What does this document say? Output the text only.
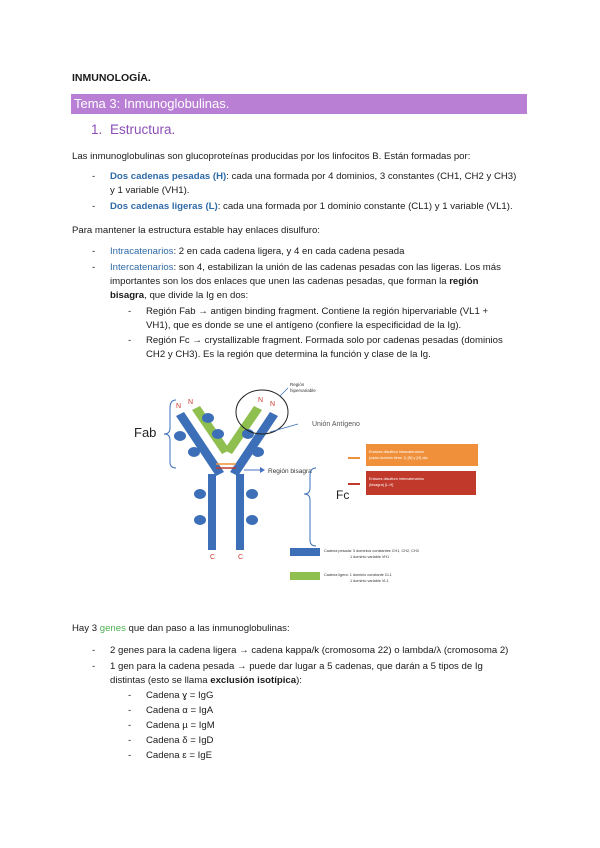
INMUNOLOGÍA.
Tema 3: Inmunoglobulinas.
1. Estructura.
Las inmunoglobulinas son glucoproteínas producidas por los linfocitos B. Están formadas por:
- Dos cadenas pesadas (H): cada una formada por 4 dominios, 3 constantes (CH1, CH2 y CH3)
y 1 variable (VH1).
- Dos cadenas ligeras (L): cada una formada por 1 dominio constante (CL1) y 1 variable (VL1).
Para mantener la estructura estable hay enlaces disulfuro:
- Intracatenarios: 2 en cada cadena ligera, y 4 en cada cadena pesada
- Intercatenarios: son 4, estabilizan la unión de las cadenas pesadas con las ligeras. Los más
importantes son los dos enlaces que unen las cadenas pesadas, que forman la región
bisagra, que divide la Ig en dos:
- Región Fab → antigen binding fragment. Contiene la región hipervariable (VL1 +
VH1), que es donde se une el antígeno (confiere la especificidad de la Ig).
- Región Fc → crystallizable fragment. Formada solo por cadenas pesadas (dominios
CH2 y CH3). Es la región que determina la función y clase de la Ig.
Fab
N
N	N
N
C	C
Región
hipervariable
Unión Antígeno
Región bisagra
Fc
Enlaces disulfuro intracatenarios
(cada dominio tiene 1) [N] y [H] ala
Enlaces disulfuro intercatenarios
(bisagra) [L-H]
Cadena pesada: 3 dominios constantes CH1, CH2, CH3
1 dominio variable VH1
Cadena ligera: 1 dominio constante CL1
1 dominio variable VL1
Hay 3 genes que dan paso a las inmunoglobulinas:
- 2 genes para la cadena ligera → cadena kappa/k (cromosoma 22) o lambda/λ (cromosoma 2)
- 1 gen para la cadena pesada → puede dar lugar a 5 cadenas, que darán a 5 tipos de Ig
distintas (esto se llama exclusión isotípica):
- Cadena ɣ = IgG
- Cadena α = IgA
- Cadena µ = IgM
- Cadena δ = IgD
- Cadena ɛ = IgE
